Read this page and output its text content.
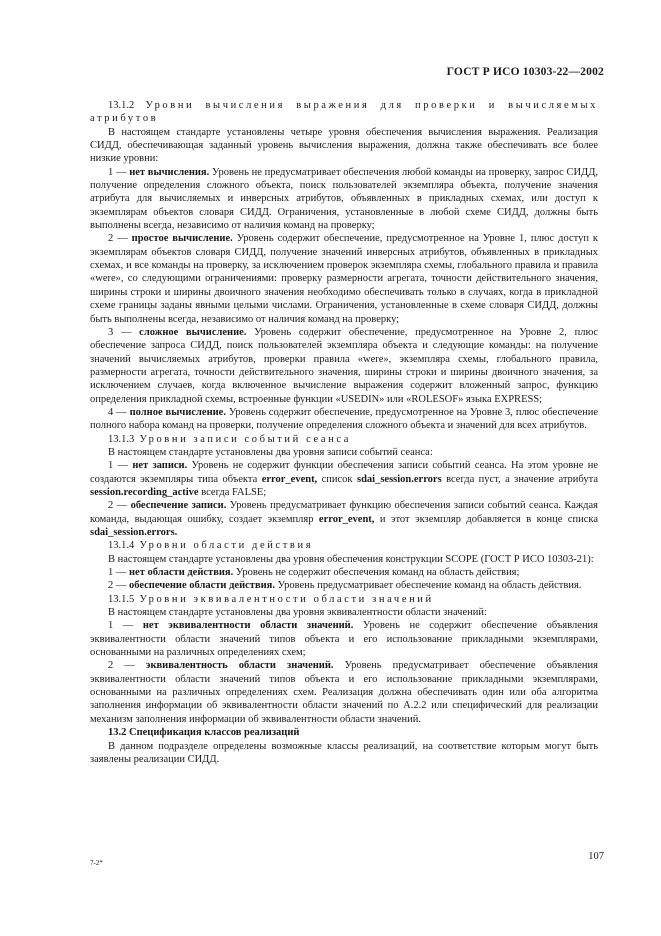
ГОСТ Р ИСО 10303-22—2002

13.1.2 Уровни вычисления выражения для проверки и вычисляемых атрибутов

В настоящем стандарте установлены четыре уровня обеспечения вычисления выражения. Реализация СИДД, обеспечивающая заданный уровень вычисления выражения, должна также обеспечивать все более низкие уровни:

1 — нет вычисления. Уровень не предусматривает обеспечения любой команды на проверку, запрос СИДД, получение определения сложного объекта, поиск пользователей экземпляра объекта, получение значения атрибута для вычисляемых и инверсных атрибутов, объявленных в прикладных схемах, или доступ к экземплярам объектов словаря СИДД. Ограничения, установленные в любой схеме СИДД, должны быть выполнены всегда, независимо от наличия команд на проверку;

2 — простое вычисление. Уровень содержит обеспечение, предусмотренное на Уровне 1, плюс доступ к экземплярам объектов словаря СИДД, получение значений инверсных атрибутов, объявленных в прикладных схемах, и все команды на проверку, за исключением проверок экземпляра схемы, глобального правила и правила «were», со следующими ограничениями: проверку размерности агрегата, точности действительного значения, ширины строки и ширины двоичного значения необходимо обеспечивать только в случаях, когда в прикладной схеме границы заданы явными целыми числами. Ограничения, установленные в схеме словаря СИДД, должны быть выполнены всегда, независимо от наличия команд на проверку;

3 — сложное вычисление. Уровень содержит обеспечение, предусмотренное на Уровне 2, плюс обеспечение запроса СИДД, поиск пользователей экземпляра объекта и следующие команды: на получение значений вычисляемых атрибутов, проверки правила «were», экземпляра схемы, глобального правила, размерности агрегата, точности действительного значения, ширины строки и ширины двоичного значения, за исключением случаев, когда включенное вычисление выражения содержит вложенный запрос, функцию определения прикладной схемы, встроенные функции «USEDIN» или «ROLESOF» языка EXPRESS;

4 — полное вычисление. Уровень содержит обеспечение, предусмотренное на Уровне 3, плюс обеспечение полного набора команд на проверки, получение определения сложного объекта и значений для всех атрибутов.

13.1.3 Уровни записи событий сеанса

В настоящем стандарте установлены два уровня записи событий сеанса:

1 — нет записи. Уровень не содержит функции обеспечения записи событий сеанса. На этом уровне не создаются экземпляры типа объекта error_event, список sdai_session.errors всегда пуст, а значение атрибута session.recording_active всегда FALSE;

2 — обеспечение записи. Уровень предусматривает функцию обеспечения записи событий сеанса. Каждая команда, выдающая ошибку, создает экземпляр error_event, и этот экземпляр добавляется в конце списка sdai_session.errors.

13.1.4 Уровни области действия

В настоящем стандарте установлены два уровня обеспечения конструкции SCOPE (ГОСТ Р ИСО 10303-21):

1 — нет области действия. Уровень не содержит обеспечения команд на область действия;

2 — обеспечение области действия. Уровень предусматривает обеспечение команд на область действия.

13.1.5 Уровни эквивалентности области значений

В настоящем стандарте установлены два уровня эквивалентности области значений:

1 — нет эквивалентности области значений. Уровень не содержит обеспечение объявления эквивалентности области значений типов объекта и его использование прикладными экземплярами, основанными на различных определениях схем;

2 — эквивалентность области значений. Уровень предусматривает обеспечение объявления эквивалентности области значений типов объекта и его использование прикладными экземплярами, основанными на различных определениях схем. Реализация должна обеспечивать один или оба алгоритма заполнения информации об эквивалентности области значений по А.2.2 или специфический для реализации механизм заполнения информации об эквивалентности области значений.

13.2 Спецификация классов реализаций

В данном подразделе определены возможные классы реализаций, на соответствие которым могут быть заявлены реализации СИДД.

7-2*
107
